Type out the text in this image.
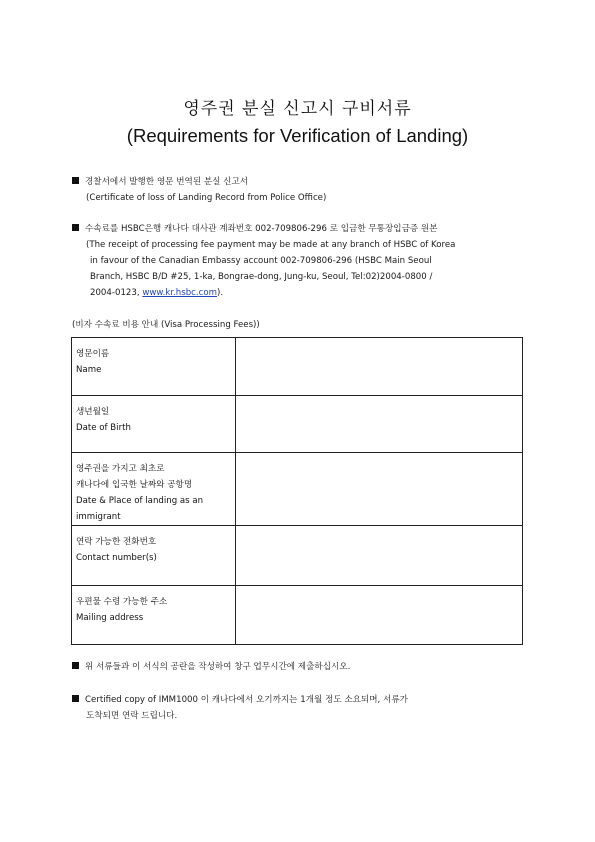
영주권 분실 신고시 구비서류
(Requirements for Verification of Landing)
경찰서에서 발행한 영문 번역된 분실 신고서
(Certificate of loss of Landing Record from Police Office)
수속료를 HSBC은행 캐나다 대사관 계좌번호 002-709806-296 로 입금한 무통장입금증 원본
(The receipt of processing fee payment may be made at any branch of HSBC of Korea
in favour of the Canadian Embassy account 002-709806-296 (HSBC Main Seoul
Branch, HSBC B/D #25, 1-ka, Bongrae-dong, Jung-ku, Seoul, Tel:02)2004-0800 /
2004-0123, www.kr.hsbc.com).
(비자 수속료 비용 안내 (Visa Processing Fees))
영문이름
Name	

생년월일
Date of Birth	

영주권을 가지고 최초로
캐나다에 입국한 날짜와 공항명
Date & Place of landing as an
immigrant	

연락 가능한 전화번호
Contact number(s)	

우편물 수령 가능한 주소
Mailing address	

위 서류들과 이 서식의 공란을 작성하여 창구 업무시간에 제출하십시오.
Certified copy of IMM1000 이 캐나다에서 오기까지는 1개월 정도 소요되며, 서류가
도착되면 연락 드립니다.
